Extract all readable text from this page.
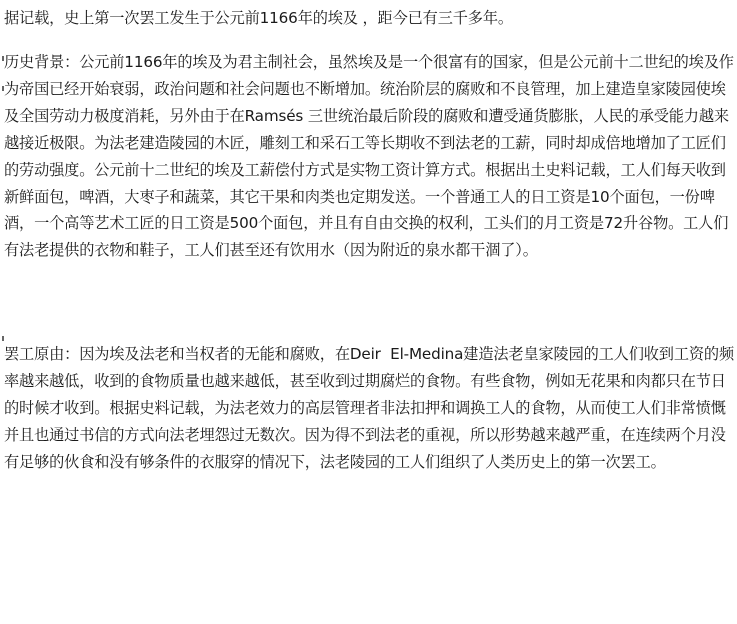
据记载，史上第一次罢工发生于公元前1166年的埃及 ，距今已有三千多年。

历史背景：公元前1166年的埃及为君主制社会，虽然埃及是一个很富有的国家，但是公元前十二世纪的埃及作为帝国已经开始衰弱，政治问题和社会问题也不断增加。统治阶层的腐败和不良管理，加上建造皇家陵园使埃及全国劳动力极度消耗，另外由于在Ramsés 三世统治最后阶段的腐败和遭受通货膨胀，人民的承受能力越来越接近极限。为法老建造陵园的木匠，雕刻工和采石工等长期收不到法老的工薪，同时却成倍地增加了工匠们的劳动强度。公元前十二世纪的埃及工薪偿付方式是实物工资计算方式。根据出土史料记载，工人们每天收到新鲜面包，啤酒，大枣子和蔬菜，其它干果和肉类也定期发送。一个普通工人的日工资是10个面包，一份啤酒，一个高等艺术工匠的日工资是500个面包，并且有自由交换的权利，工头们的月工资是72升谷物。工人们有法老提供的衣物和鞋子，工人们甚至还有饮用水（因为附近的泉水都干涸了）。

罢工原由：因为埃及法老和当权者的无能和腐败，在Deir  El-Medina建造法老皇家陵园的工人们收到工资的频率越来越低，收到的食物质量也越来越低，甚至收到过期腐烂的食物。有些食物，例如无花果和肉都只在节日的时候才收到。根据史料记载，为法老效力的高层管理者非法扣押和调换工人的食物，从而使工人们非常愤慨并且也通过书信的方式向法老埋怨过无数次。因为得不到法老的重视，所以形势越来越严重，在连续两个月没有足够的伙食和没有够条件的衣服穿的情况下，法老陵园的工人们组织了人类历史上的第一次罢工。
